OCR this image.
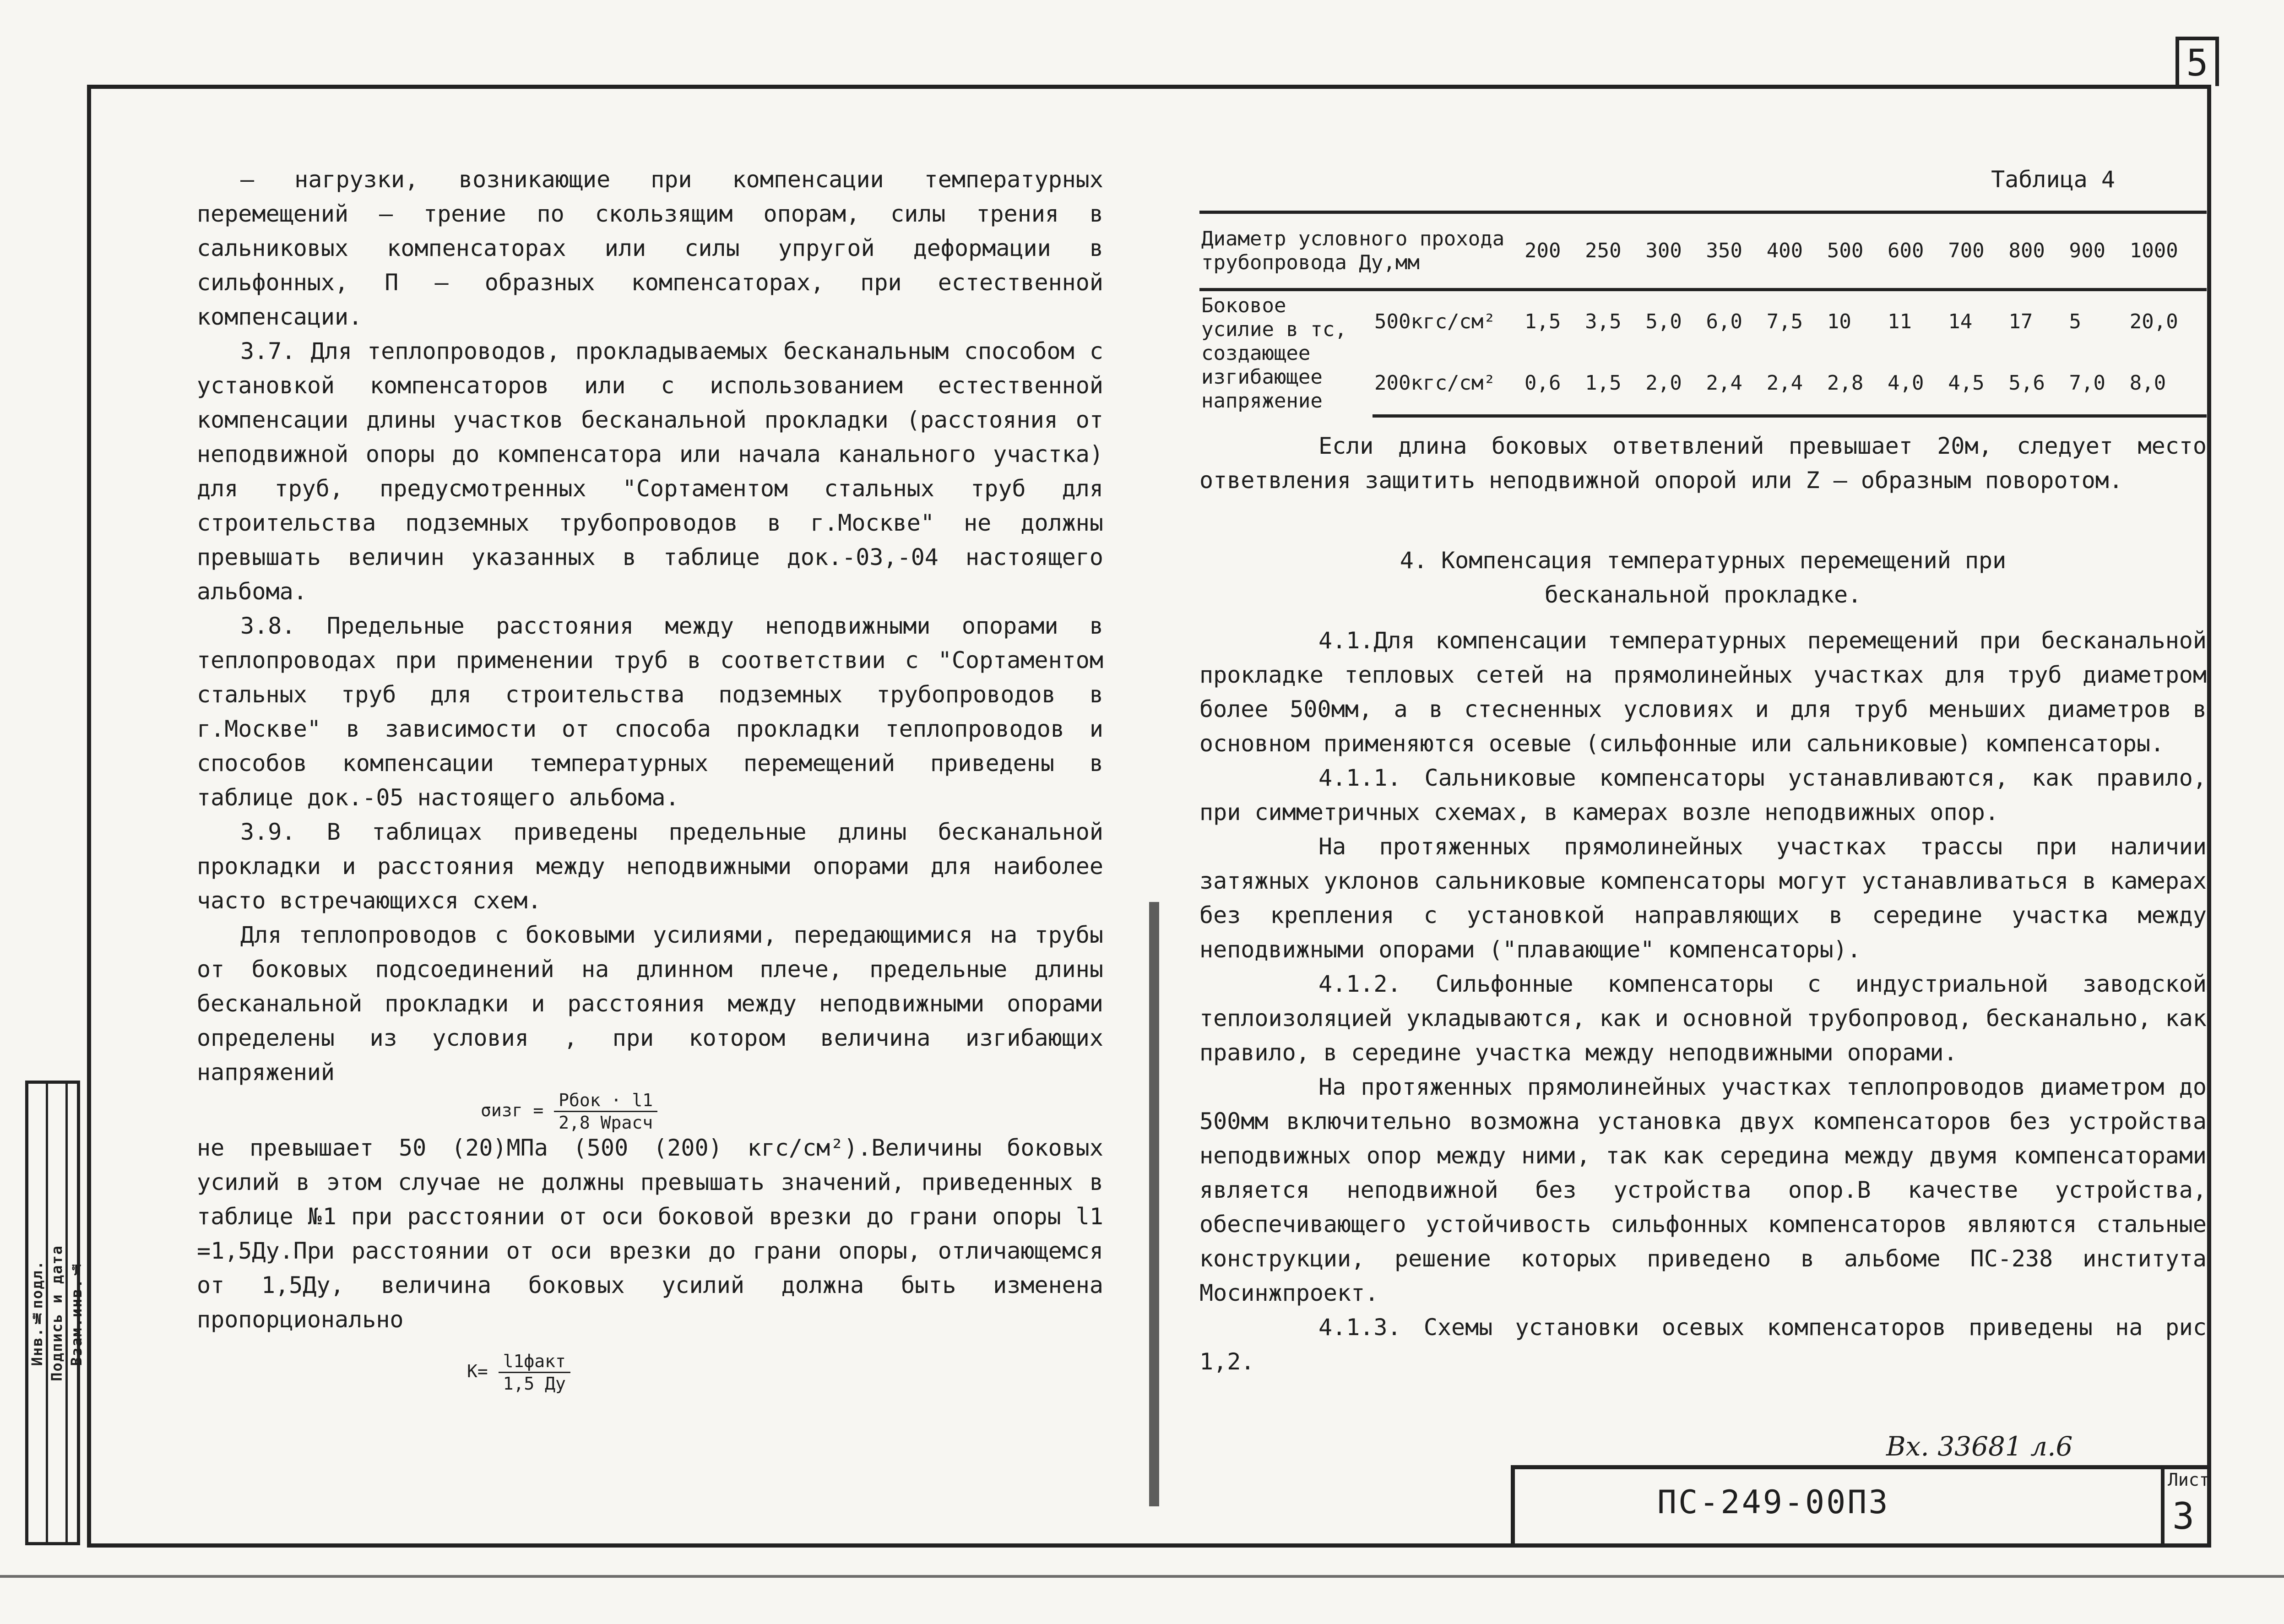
5

– нагрузки, возникающие при компенсации температурных перемещений – трение по скользящим опорам, силы трения в сальниковых компенсаторах или силы упругой деформации в сильфонных, П – образных компенсаторах, при естественной компенсации.

3.7. Для теплопроводов, прокладываемых бесканальным способом с установкой компенсаторов или с использованием естественной компенсации длины участков бесканальной прокладки (расстояния от неподвижной опоры до компенсатора или начала канального участка) для труб, предусмотренных "Сортаментом стальных труб для строительства подземных трубопроводов в г.Москве" не должны превышать величин указанных в таблице док.-03,-04 настоящего альбома.

3.8. Предельные расстояния между неподвижными опорами в теплопроводах при применении труб в соответствии с "Сортаментом стальных труб для строительства подземных трубопроводов в г.Москве" в зависимости от способа прокладки теплопроводов и способов компенсации температурных перемещений приведены в таблице док.-05 настоящего альбома.

3.9. В таблицах приведены предельные длины бесканальной прокладки и расстояния между неподвижными опорами для наиболее часто встречающихся схем.

Для теплопроводов с боковыми усилиями, передающимися на трубы от боковых подсоединений на длинном плече, предельные длины бесканальной прокладки и расстояния между неподвижными опорами определены из условия , при котором величина изгибающих напряжений

$\sigma изг = \frac{\text{Pбок · l1}}{\text{2,8 Wрасч}}$

не превышает 50 (20)МПа (500 (200) кгс/см²).Величины боковых усилий в этом случае не должны превышать значений, приведенных в таблице №1 при расстоянии от оси боковой врезки до грани опоры l1 =1,5Ду.При расстоянии от оси врезки до грани опоры, отличающемся от 1,5Ду, величина боковых усилий должна быть изменена пропорционально

$K= \frac{\text{l1факт}}{1,5 Ду}$
Таблица 4
Диаметр условного прохода трубопровода Ду,мм		200	250	300	350	400	500	600	700	800	900	1000
Боковое усилие в тс, создающее изгибающее напряжение	500кгс/см²	1,5	3,5	5,0	6,0	7,5	10	11	14	17	5	20,0
	200кгс/см²	0,6	1,5	2,0	2,4	2,4	2,8	4,0	4,5	5,6	7,0	8,0

Если длина боковых ответвлений превышает 20м, следует место ответвления защитить неподвижной опорой или Z – образным поворотом.

4. Компенсация температурных перемещений при
бесканальной прокладке.

4.1.Для компенсации температурных перемещений при бесканальной прокладке тепловых сетей на прямолинейных участках для труб диаметром более 500мм, а в стесненных условиях и для труб меньших диаметров в основном применяются осевые (сильфонные или сальниковые) компенсаторы.

4.1.1. Сальниковые компенсаторы устанавливаются, как правило, при симметричных схемах, в камерах возле неподвижных опор.

На протяженных прямолинейных участках трассы при наличии затяжных уклонов сальниковые компенсаторы могут устанавливаться в камерах без крепления с установкой направляющих в середине участка между неподвижными опорами ("плавающие" компенсаторы).

4.1.2. Сильфонные компенсаторы с индустриальной заводской теплоизоляцией укладываются, как и основной трубопровод, бесканально, как правило, в середине участка между неподвижными опорами.

На протяженных прямолинейных участках теплопроводов диаметром до 500мм включительно возможна установка двух компенсаторов без устройства неподвижных опор между ними, так как середина между двумя компенсаторами является неподвижной без устройства опор.В качестве устройства, обеспечивающего устойчивость сильфонных компенсаторов являются стальные конструкции, решение которых приведено в альбоме ПС-238 института Мосинжпроект.

4.1.3. Схемы установки осевых компенсаторов приведены на рис 1,2.

Вх. 33681 л.6
ПС-249-00ПЗ
Лист
3
Инв.№подл. Подпись и дата Взам.инв.№
